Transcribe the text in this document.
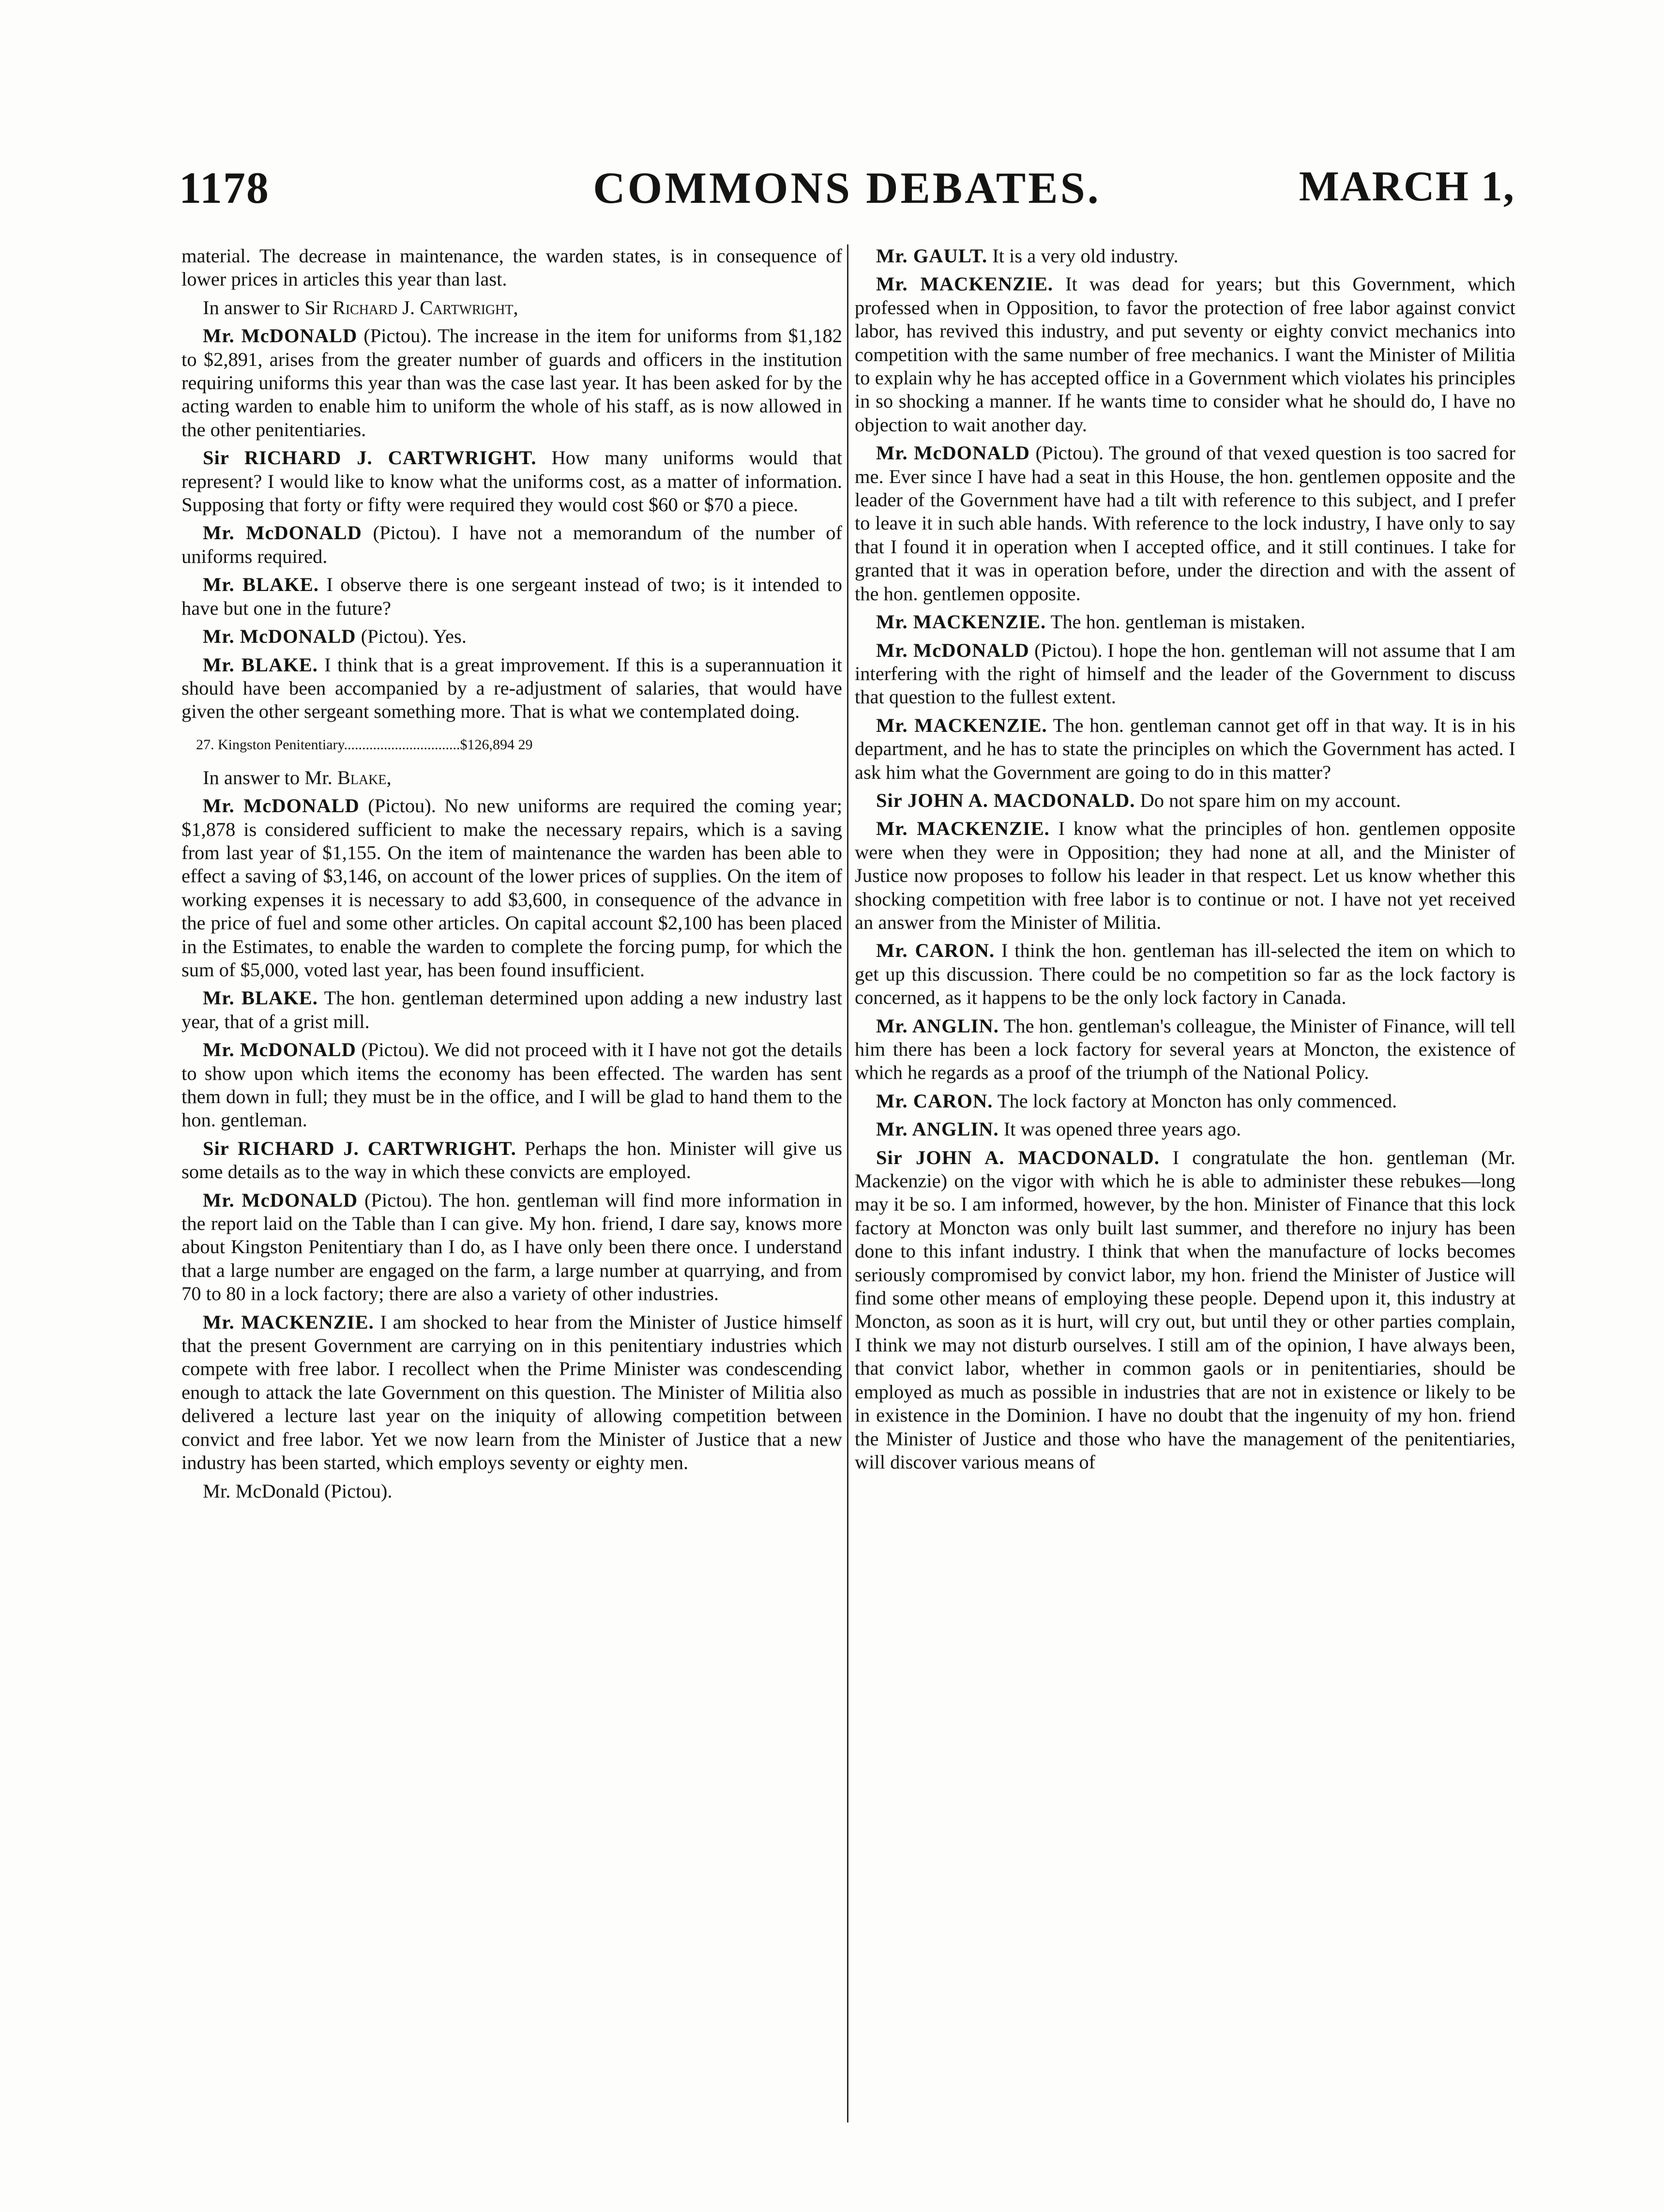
1178	COMMONS DEBATES.	MARCH 1,

material. The decrease in maintenance, the warden states, is in consequence of lower prices in articles this year than last.

In answer to Sir Richard J. Cartwright,

Mr. McDONALD (Pictou). The increase in the item for uniforms from $1,182 to $2,891, arises from the greater number of guards and officers in the institution requiring uniforms this year than was the case last year. It has been asked for by the acting warden to enable him to uniform the whole of his staff, as is now allowed in the other penitentiaries.

Sir RICHARD J. CARTWRIGHT. How many uniforms would that represent? I would like to know what the uniforms cost, as a matter of information. Supposing that forty or fifty were required they would cost $60 or $70 a piece.

Mr. McDONALD (Pictou). I have not a memorandum of the number of uniforms required.

Mr. BLAKE. I observe there is one sergeant instead of two; is it intended to have but one in the future?

Mr. McDONALD (Pictou). Yes.

Mr. BLAKE. I think that is a great improvement. If this is a superannuation it should have been accompanied by a re-adjustment of salaries, that would have given the other sergeant something more. That is what we contemplated doing.

27. Kingston Penitentiary................................$126,894 29

In answer to Mr. Blake,

Mr. McDONALD (Pictou). No new uniforms are required the coming year; $1,878 is considered sufficient to make the necessary repairs, which is a saving from last year of $1,155. On the item of maintenance the warden has been able to effect a saving of $3,146, on account of the lower prices of supplies. On the item of working expenses it is necessary to add $3,600, in consequence of the advance in the price of fuel and some other articles. On capital account $2,100 has been placed in the Estimates, to enable the warden to complete the forcing pump, for which the sum of $5,000, voted last year, has been found insufficient.

Mr. BLAKE. The hon. gentleman determined upon adding a new industry last year, that of a grist mill.

Mr. McDONALD (Pictou). We did not proceed with it I have not got the details to show upon which items the economy has been effected. The warden has sent them down in full; they must be in the office, and I will be glad to hand them to the hon. gentleman.

Sir RICHARD J. CARTWRIGHT. Perhaps the hon. Minister will give us some details as to the way in which these convicts are employed.

Mr. McDONALD (Pictou). The hon. gentleman will find more information in the report laid on the Table than I can give. My hon. friend, I dare say, knows more about Kingston Penitentiary than I do, as I have only been there once. I understand that a large number are engaged on the farm, a large number at quarrying, and from 70 to 80 in a lock factory; there are also a variety of other industries.

Mr. MACKENZIE. I am shocked to hear from the Minister of Justice himself that the present Government are carrying on in this penitentiary industries which compete with free labor. I recollect when the Prime Minister was condescending enough to attack the late Government on this question. The Minister of Militia also delivered a lecture last year on the iniquity of allowing competition between convict and free labor. Yet we now learn from the Minister of Justice that a new industry has been started, which employs seventy or eighty men.

Mr. McDonald (Pictou).

Mr. GAULT. It is a very old industry.

Mr. MACKENZIE. It was dead for years; but this Government, which professed when in Opposition, to favor the protection of free labor against convict labor, has revived this industry, and put seventy or eighty convict mechanics into competition with the same number of free mechanics. I want the Minister of Militia to explain why he has accepted office in a Government which violates his principles in so shocking a manner. If he wants time to consider what he should do, I have no objection to wait another day.

Mr. McDONALD (Pictou). The ground of that vexed question is too sacred for me. Ever since I have had a seat in this House, the hon. gentlemen opposite and the leader of the Government have had a tilt with reference to this subject, and I prefer to leave it in such able hands. With reference to the lock industry, I have only to say that I found it in operation when I accepted office, and it still continues. I take for granted that it was in operation before, under the direction and with the assent of the hon. gentlemen opposite.

Mr. MACKENZIE. The hon. gentleman is mistaken.

Mr. McDONALD (Pictou). I hope the hon. gentleman will not assume that I am interfering with the right of himself and the leader of the Government to discuss that question to the fullest extent.

Mr. MACKENZIE. The hon. gentleman cannot get off in that way. It is in his department, and he has to state the principles on which the Government has acted. I ask him what the Government are going to do in this matter?

Sir JOHN A. MACDONALD. Do not spare him on my account.

Mr. MACKENZIE. I know what the principles of hon. gentlemen opposite were when they were in Opposition; they had none at all, and the Minister of Justice now proposes to follow his leader in that respect. Let us know whether this shocking competition with free labor is to continue or not. I have not yet received an answer from the Minister of Militia.

Mr. CARON. I think the hon. gentleman has ill-selected the item on which to get up this discussion. There could be no competition so far as the lock factory is concerned, as it happens to be the only lock factory in Canada.

Mr. ANGLIN. The hon. gentleman's colleague, the Minister of Finance, will tell him there has been a lock factory for several years at Moncton, the existence of which he regards as a proof of the triumph of the National Policy.

Mr. CARON. The lock factory at Moncton has only commenced.

Mr. ANGLIN. It was opened three years ago.

Sir JOHN A. MACDONALD. I congratulate the hon. gentleman (Mr. Mackenzie) on the vigor with which he is able to administer these rebukes—long may it be so. I am informed, however, by the hon. Minister of Finance that this lock factory at Moncton was only built last summer, and therefore no injury has been done to this infant industry. I think that when the manufacture of locks becomes seriously compromised by convict labor, my hon. friend the Minister of Justice will find some other means of employing these people. Depend upon it, this industry at Moncton, as soon as it is hurt, will cry out, but until they or other parties complain, I think we may not disturb ourselves. I still am of the opinion, I have always been, that convict labor, whether in common gaols or in penitentiaries, should be employed as much as possible in industries that are not in existence or likely to be in existence in the Dominion. I have no doubt that the ingenuity of my hon. friend the Minister of Justice and those who have the management of the penitentiaries, will discover various means of
